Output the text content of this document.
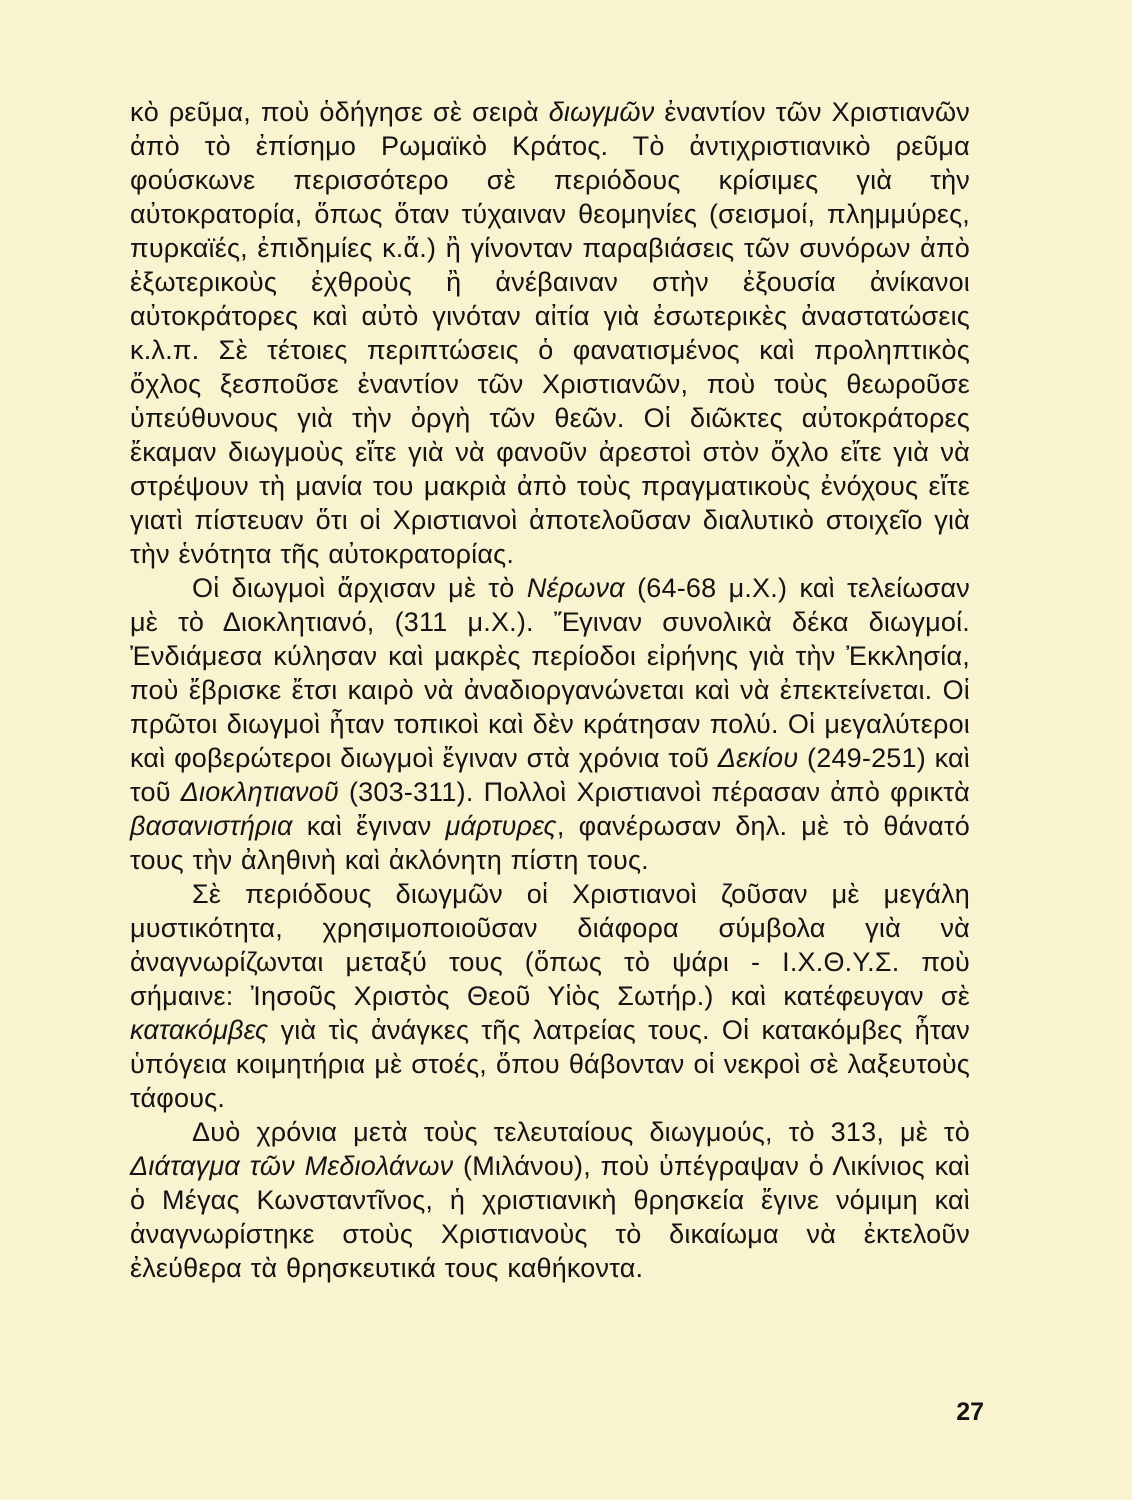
κὸ ρεῦμα, ποὺ ὁδήγησε σὲ σειρὰ διωγμῶν ἐναντίον τῶν Χριστιανῶν ἀπὸ τὸ ἐπίσημο Ρωμαϊκὸ Κράτος. Τὸ ἀντιχριστιανικὸ ρεῦμα φούσκωνε περισσότερο σὲ περιόδους κρίσιμες γιὰ τὴν αὐτοκρατορία, ὅπως ὅταν τύχαιναν θεομηνίες (σεισμοί, πλημμύρες, πυρκαϊές, ἐπιδημίες κ.ἄ.) ἢ γίνονταν παραβιάσεις τῶν συνόρων ἀπὸ ἐξωτερικοὺς ἐχθροὺς ἢ ἀνέβαιναν στὴν ἐξουσία ἀνίκανοι αὐτοκράτορες καὶ αὐτὸ γινόταν αἰτία γιὰ ἐσωτερικὲς ἀναστατώσεις κ.λ.π. Σὲ τέτοιες περιπτώσεις ὁ φανατισμένος καὶ προληπτικὸς ὄχλος ξεσποῦσε ἐναντίον τῶν Χριστιανῶν, ποὺ τοὺς θεωροῦσε ὑπεύθυνους γιὰ τὴν ὀργὴ τῶν θεῶν. Οἱ διῶκτες αὐτοκράτορες ἔκαμαν διωγμοὺς εἴτε γιὰ νὰ φανοῦν ἀρεστοὶ στὸν ὄχλο εἴτε γιὰ νὰ στρέψουν τὴ μανία του μακριὰ ἀπὸ τοὺς πραγματικοὺς ἐνόχους εἴτε γιατὶ πίστευαν ὅτι οἱ Χριστιανοὶ ἀποτελοῦσαν διαλυτικὸ στοιχεῖο γιὰ τὴν ἑνότητα τῆς αὐτοκρατορίας.

Οἱ διωγμοὶ ἄρχισαν μὲ τὸ Νέρωνα (64-68 μ.Χ.) καὶ τελείωσαν μὲ τὸ Διοκλητιανό, (311 μ.Χ.). Ἔγιναν συνολικὰ δέκα διωγμοί. Ἐνδιάμεσα κύλησαν καὶ μακρὲς περίοδοι εἰρήνης γιὰ τὴν Ἐκκλησία, ποὺ ἔβρισκε ἔτσι καιρὸ νὰ ἀναδιοργανώνεται καὶ νὰ ἐπεκτείνεται. Οἱ πρῶτοι διωγμοὶ ἦταν τοπικοὶ καὶ δὲν κράτησαν πολύ. Οἱ μεγαλύτεροι καὶ φοβερώτεροι διωγμοὶ ἔγιναν στὰ χρόνια τοῦ Δεκίου (249-251) καὶ τοῦ Διοκλητιανοῦ (303-311). Πολλοὶ Χριστιανοὶ πέρασαν ἀπὸ φρικτὰ βασανιστήρια καὶ ἔγιναν μάρτυρες, φανέρωσαν δηλ. μὲ τὸ θάνατό τους τὴν ἀληθινὴ καὶ ἀκλόνητη πίστη τους.

Σὲ περιόδους διωγμῶν οἱ Χριστιανοὶ ζοῦσαν μὲ μεγάλη μυστικότητα, χρησιμοποιοῦσαν διάφορα σύμβολα γιὰ νὰ ἀναγνωρίζωνται μεταξύ τους (ὅπως τὸ ψάρι - Ι.Χ.Θ.Υ.Σ. ποὺ σήμαινε: Ἰησοῦς Χριστὸς Θεοῦ Υἱὸς Σωτήρ.) καὶ κατέφευγαν σὲ κατακόμβες γιὰ τὶς ἀνάγκες τῆς λατρείας τους. Οἱ κατακόμβες ἦταν ὑπόγεια κοιμητήρια μὲ στοές, ὅπου θάβονταν οἱ νεκροὶ σὲ λαξευτοὺς τάφους.

Δυὸ χρόνια μετὰ τοὺς τελευταίους διωγμούς, τὸ 313, μὲ τὸ Διάταγμα τῶν Μεδιολάνων (Μιλάνου), ποὺ ὑπέγραψαν ὁ Λικίνιος καὶ ὁ Μέγας Κωνσταντῖνος, ἡ χριστιανικὴ θρησκεία ἔγινε νόμιμη καὶ ἀναγνωρίστηκε στοὺς Χριστιανοὺς τὸ δικαίωμα νὰ ἐκτελοῦν ἐλεύθερα τὰ θρησκευτικά τους καθήκοντα.

27
